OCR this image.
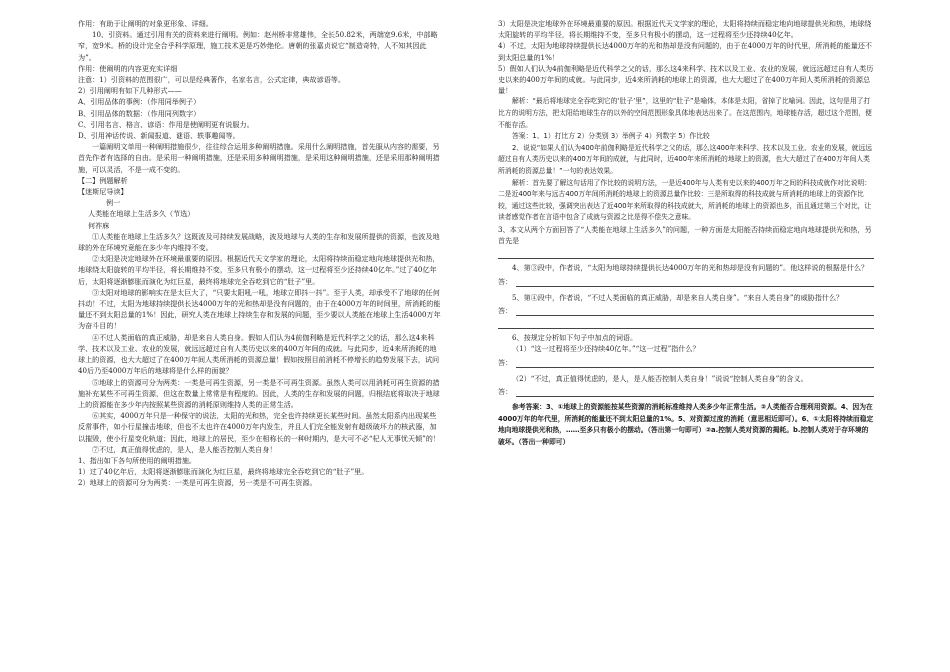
作用：有助于让阐明的对象更形象、详细。

10、引资料。通过引用有关的资料来进行阐明。例如：赵州桥非常雄伟，全长50.82米，两端宽9.6米，中部略窄，宽9米。桥的设计完全合乎科学原理，施工技术更是巧妙绝伦。唐朝的张嘉贞说它“制造奇特，人不知其因此为”。

作用：使阐明的内容更充实详细

注意：1）引资料的范围很广，可以是经典著作，名家名言，公式定律，典故谚语等。

2）引用阐明有如下几种形式——

A、引用品体的事例：（作用同举例子）

B、引用品体的数据：（作用同列数字）

C、引用名言、格言、谚语：作用是使阐明更有说服力。

D、引用神话传说、新闻报道、谜语、轶事趣闻等。

一篇阐明文单用一种阐明措施很少，往往综合运用多种阐明措施。采用什么阐明措施，首先服从内容的需要，另首先作者有选择的自由。是采用一种阐明措施，还是采用多种阐明措施，是采用这种阐明措施，还是采用那种阐明措施，可以灵活，不是一成不变的。

【二】例题解析

【迷斯尼导读】

例一

人类能在地球上生活多久（节选）

何祚庥

①人类能在地球上生活多久？这既波及可持续发展战略，波及地球与人类的生存和发展所提供的资源，也波及地球的外在环境究竟能在多少年内维持不变。

②太阳是决定地球外在环境最重要的原因。根据近代天文学家的理论，太阳将持续而稳定地向地球提供光和热，地球绕太阳旋转的平均半径，将长期维持不变，至多只有极小的摆动，这一过程将至少还持续40亿年。”过了40亿年后，太阳将逐渐膨胀而演化为红巨星，最终将地球完全吞吃到它的“肚子”里。

③太阳对地球的影响实在是太巨大了，“只要太阳吼一吼，地球立即抖一抖”。至于人类，却承受不了地球的任何抖动！不过，太阳为地球持续提供长达4000万年的光和热却是没有问题的，由于在4000万年的时间里，所消耗的能量还不到太阳总量的1%！因此，研究人类在地球上持续生存和发展的问题，至少要以人类能在地球上生活4000万年为奋斗目的！

④不过人类面临的真正威胁，却是来自人类自身。假如人们认为4前伽利略是近代科学之父的话，那么这4来科学、技术以及工业、农业的发展，就远远超过自有人类历史以来的400万年间的成就。与此同步，近4来所消耗的地球上的资源，也大大超过了在400万年间人类所消耗的资源总量！假如按照目前消耗不停增长的趋势发展下去，试问40后乃至4000万年后的地球将是什么样的面貌？

⑤地球上的资源可分为两类：一类是可再生资源，另一类是不可再生资源。虽然人类可以用消耗可再生资源的措施补充某些不可再生资源，但这在数量上常常是有程度的。因此，人类的生存和发展的问题，归根结底将取决于地球上的资源能在多少年内按照某些资源的消耗原则维持人类的正常生活。

⑥其实，4000万年只是一种保守的说法，太阳的光和热，完全也许持续更长某些时间。虽然太阳系内出现某些反常事件，如小行星撞击地球，但也不太也许在4000万年内发生，并且人们完全能发射有超级破坏力的核武器，加以摧毁，使小行星变化轨道；因此，地球上的居民，至少在相称长的一种时期内，是大可不必“杞人无事忧天倾”的！

⑦不过，真正值得忧虑的，是人，是人能否控制人类自身！

1、指出如下各句所使用的阐明措施。

1）过了40亿年后，太阳将逐渐膨胀而演化为红巨星，最终将地球完全吞吃到它的“肚子”里。

2）地球上的资源可分为两类：一类是可再生资源，另一类是不可再生资源。

3）太阳是决定地球外在环境最重要的原因。根据近代天文学家的理论，太阳将持续而稳定地向地球提供光和热，地球绕太阳旋转的平均半径，将长期维持不变，至多只有极小的摆动，这一过程将至少还持续40亿年。

4）不过，太阳为地球持续提供长达4000万年的光和热却是没有问题的，由于在4000万年的时代里，所消耗的能量还不到太阳总量的1%！

5）假如人们认为4前伽利略是近代科学之父的话，那么这4来科学、技术以及工业、农业的发展，就远远超过自有人类历史以来的400万年间的成就。与此同步，近4来所消耗的地球上的资源，也大大超过了在400万年间人类所消耗的资源总量！

解析：“最后将地球完全吞吃到它的‘肚子’里”，这里的“肚子”是喻体，本体是太阳，省掉了比喻词。因此，这句是用了打比方的说明方法，把太阳给地球生存的以外的空间范围形象具体地表达出来了。在这范围内，地球能存活，超过这个范围，便不能存活。

答案：1、1）打比方 2）分类别 3）举例子 4）列数字 5）作比较

2、说说“如果人们认为400年前伽利略是近代科学之父的话，那么这400年来科学、技术以及工业、农业的发展，就远远超过自有人类历史以来的400万年间的成就，与此同时，近400年来所消耗的地球上的资源，也大大超过了在400万年间人类所消耗的资源总量！”一句的表达效果。

解析：首先要了解这句话用了作比较的说明方法，一是近400年与人类有史以来的400万年之间的科技成就作对比说明：二是近400年来与远古400万年间所消耗的地球上的资源总量作比较：三是所取得的科技成就与所消耗的地球上的资源作比较，通过这些比较，强调突出表达了近400年来所取得的科技成就大，所消耗的地球上的资源也多，而且通过第三个对比，让读者感觉作者在言语中包含了成就与资源之比是得不偿失之意味。

3、本文从两个方面回答了“人类能在地球上生活多久”的问题，一种方面是太阳能否持续而稳定地向地球提供光和热，另首先是

4、第③段中，作者说，“太阳为地球持续提供长达4000万年的光和热却是没有问题的”。他这样说的根据是什么？

答：

5、第④段中，作者说，“不过人类面临的真正威胁，却是来自人类自身”。“来自人类自身”的威胁指什么？

答：

6、按规定分析如下句子中加点的词语。

（1）“这一过程将至少还持续40亿年。”“这一过程”指什么？

答：

（2）“不过，真正值得忧虑的，是人，是人能否控制人类自身！”说说“控制人类自身”的含义。

答：

参考答案：3、①地球上的资源能按某些资源的消耗标准维持人类多少年正常生活。②人类能否合理利用资源。4、因为在4000万年的年代里，所消耗的能量还不到太阳总量的1%。5、对资源过度的消耗（意思相近即可）。6、①太阳将持续而稳定地向地球提供光和热，……至多只有极小的摆动。（答出第一句即可）②a.控制人类对资源的揭耗。b.控制人类对于存环境的破坏。（答出一种即可）
